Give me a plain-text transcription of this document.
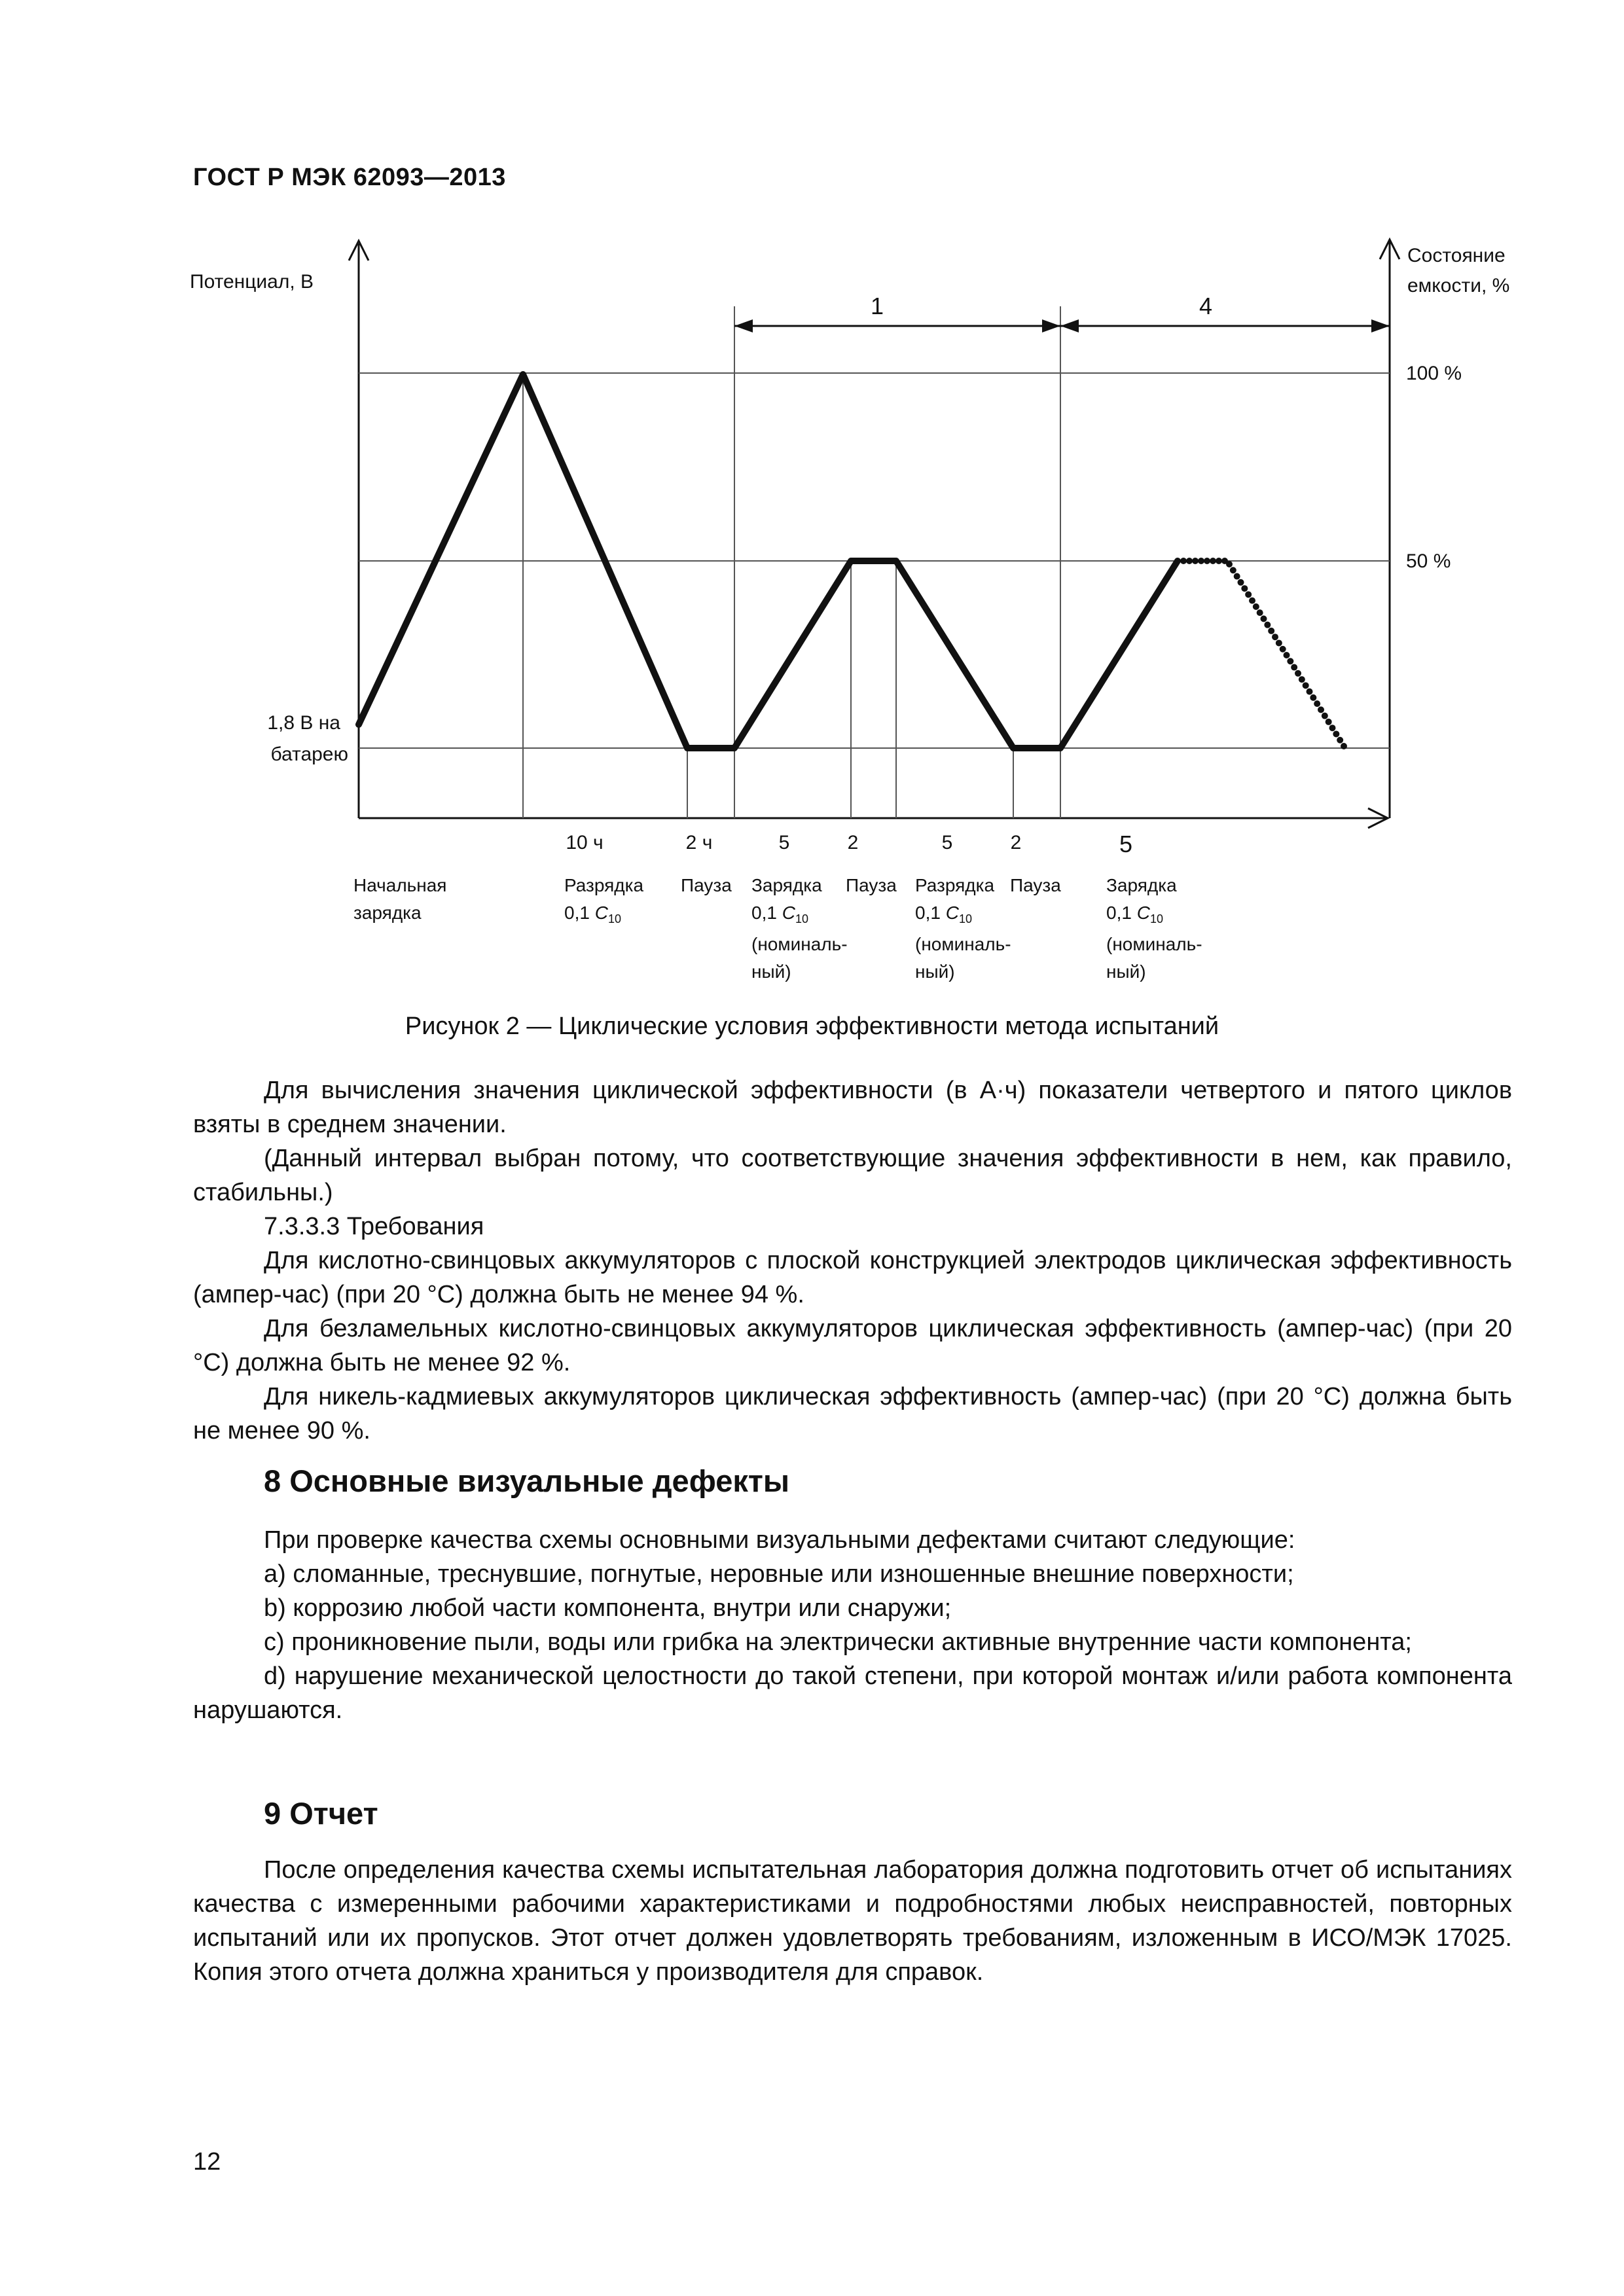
ГОСТ Р МЭК 62093—2013
Потенциал, В
Состояние
емкости, %
100 %
50 %
1,8 В на
батарею
1	4
10 ч	2 ч	5	2	5	2	5
Начальная
зарядка
Разрядка
0,1 $C_{10}$
Пауза Зарядка
0,1 $C_{10}$
(номиналь-
ный)
Пауза Разрядка
0,1 $C_{10}$
(номиналь-
ный)
Пауза Зарядка
0,1 $C_{10}$
(номиналь-
ный)
Рисунок 2 — Циклические условия эффективности метода испытаний

Для вычисления значения циклической эффективности (в А·ч) показатели четвертого и пятого циклов взяты в среднем значении.

(Данный интервал выбран потому, что соответствующие значения эффективности в нем, как правило, стабильны.)

7.3.3.3 Требования

Для кислотно-свинцовых аккумуляторов с плоской конструкцией электродов циклическая эффективность (ампер-час) (при 20 °С) должна быть не менее 94 %.

Для безламельных кислотно-свинцовых аккумуляторов циклическая эффективность (ампер-час) (при 20 °С) должна быть не менее 92 %.

Для никель-кадмиевых аккумуляторов циклическая эффективность (ампер-час) (при 20 °С) должна быть не менее 90 %.

8 Основные визуальные дефекты

При проверке качества схемы основными визуальными дефектами считают следующие:

a) сломанные, треснувшие, погнутые, неровные или изношенные внешние поверхности;

b) коррозию любой части компонента, внутри или снаружи;

c) проникновение пыли, воды или грибка на электрически активные внутренние части компонента;

d) нарушение механической целостности до такой степени, при которой монтаж и/или работа компонента нарушаются.

9 Отчет

После определения качества схемы испытательная лаборатория должна подготовить отчет об испытаниях качества с измеренными рабочими характеристиками и подробностями любых неисправностей, повторных испытаний или их пропусков. Этот отчет должен удовлетворять требованиям, изложенным в ИСО/МЭК 17025. Копия этого отчета должна храниться у производителя для справок.

12
